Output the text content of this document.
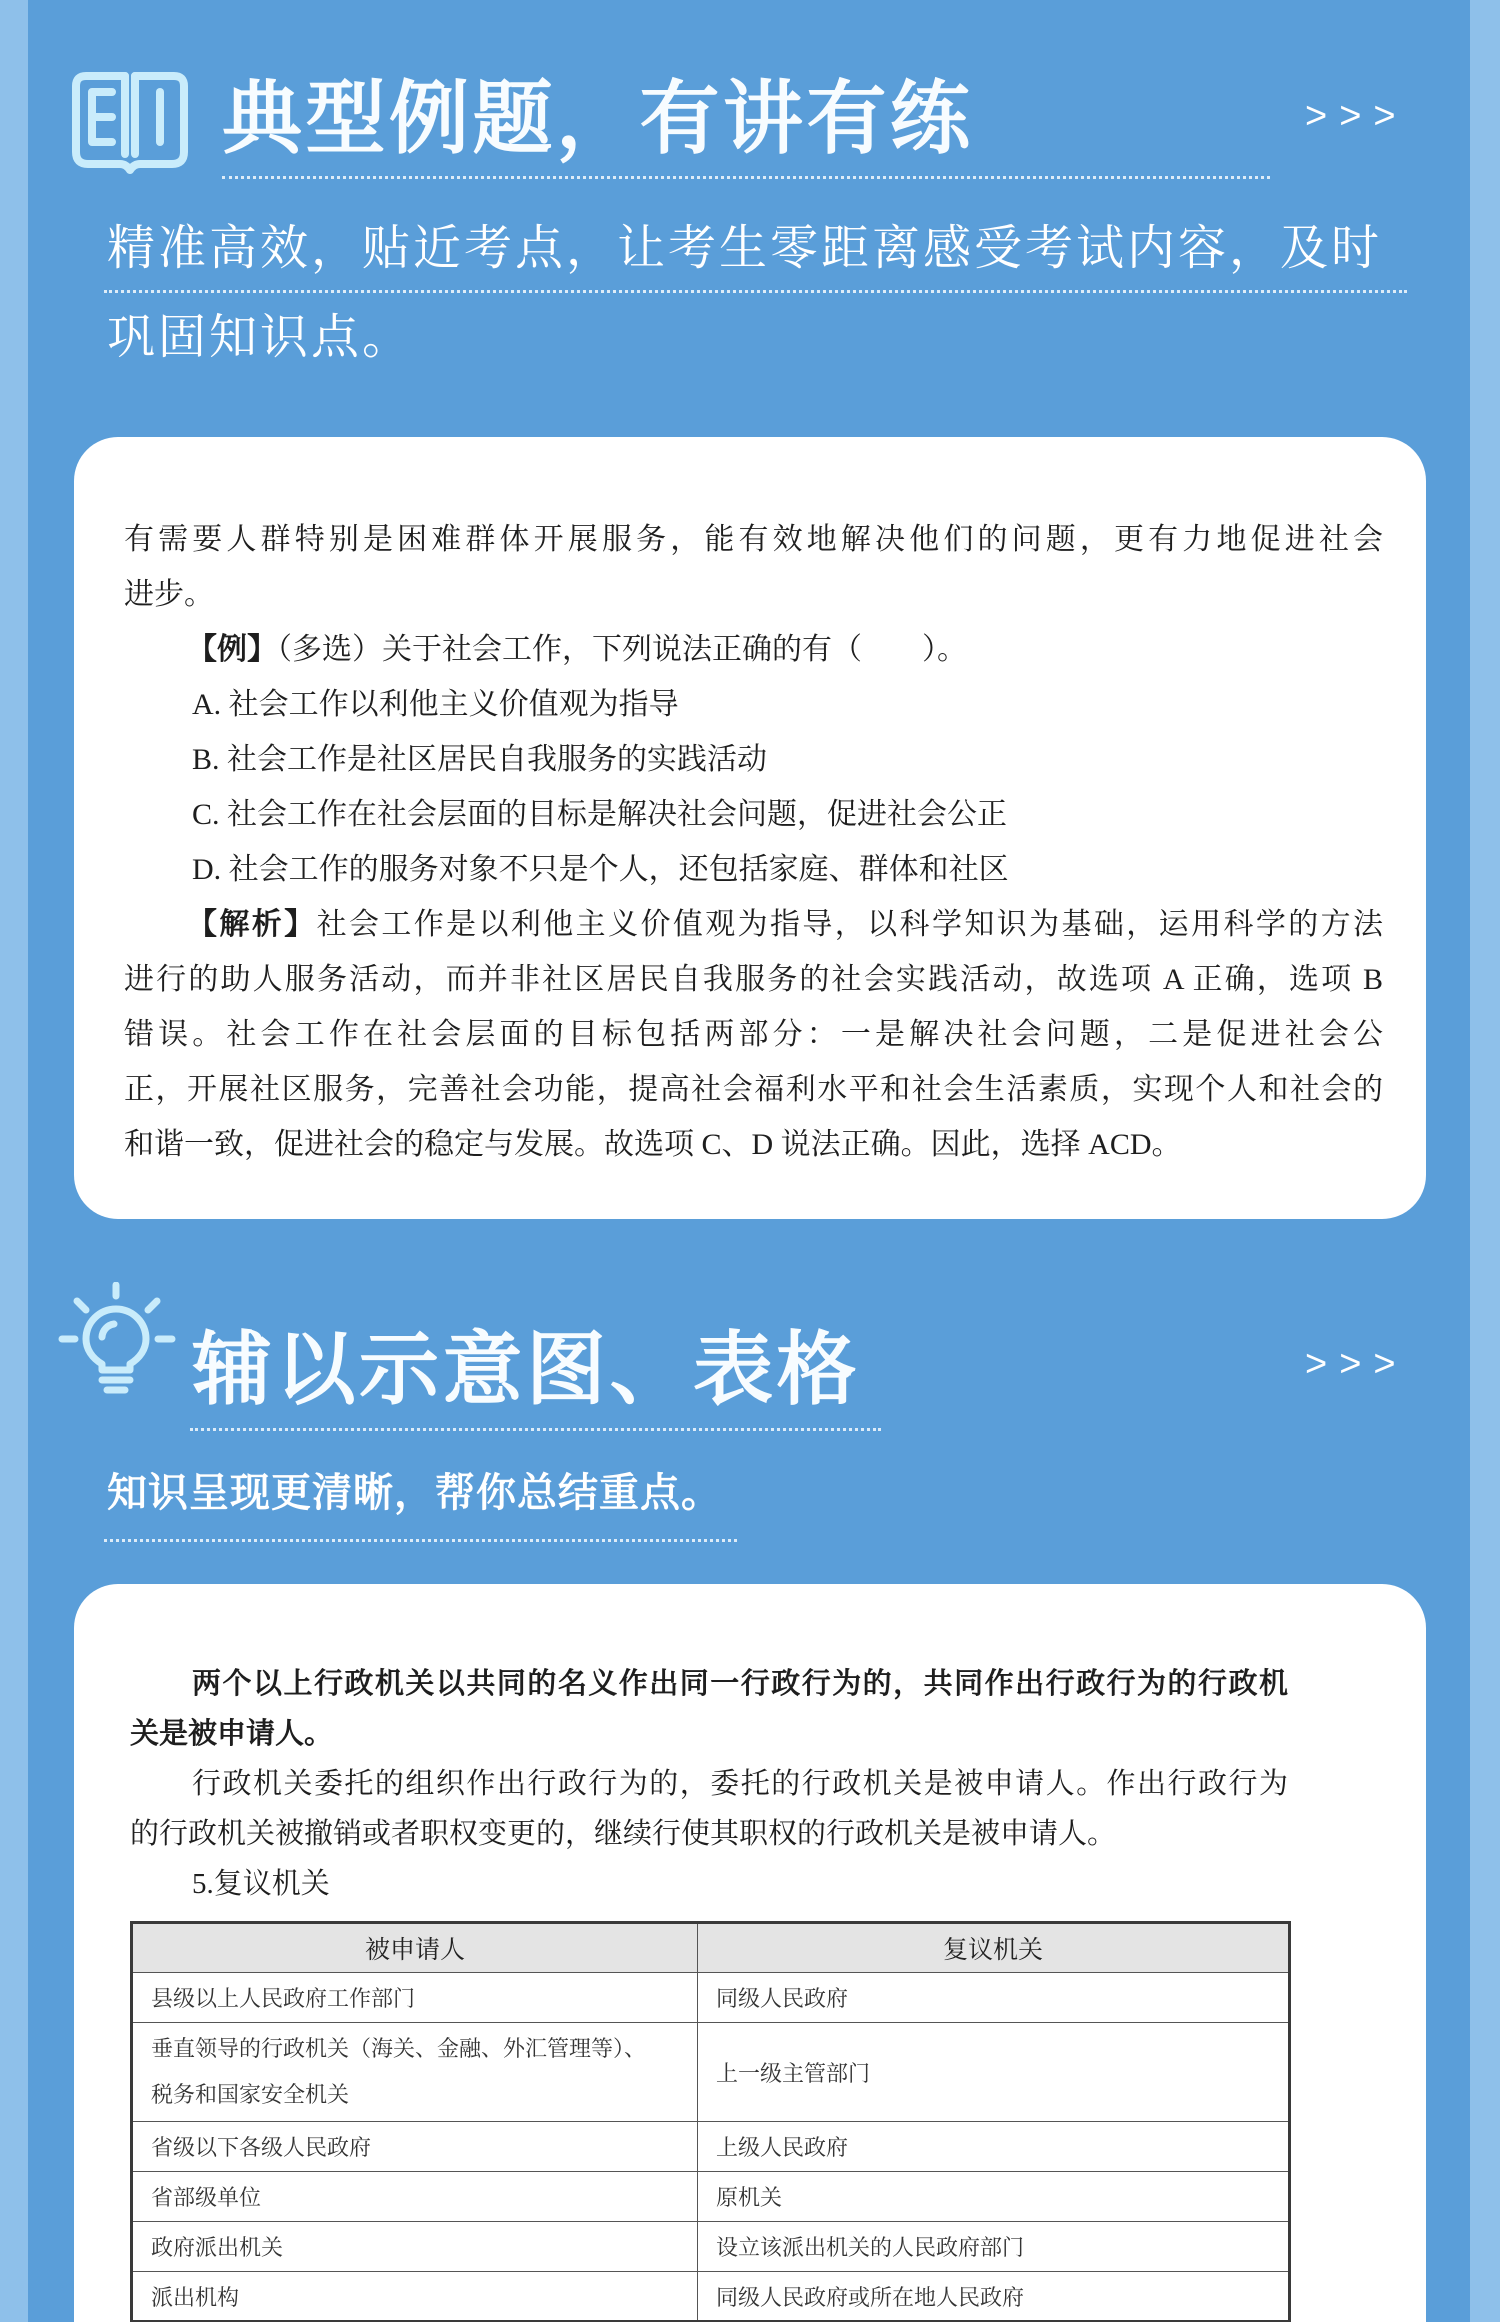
典型例题，有讲有练	>>>
精准高效，贴近考点，让考生零距离感受考试内容，及时
巩固知识点。
有需要人群特别是困难群体开展服务，能有效地解决他们的问题，更有力地促进社会
进步。
【例】（多选）关于社会工作，下列说法正确的有（　　）。
A. 社会工作以利他主义价值观为指导
B. 社会工作是社区居民自我服务的实践活动
C. 社会工作在社会层面的目标是解决社会问题，促进社会公正
D. 社会工作的服务对象不只是个人，还包括家庭、群体和社区
【解析】社会工作是以利他主义价值观为指导，以科学知识为基础，运用科学的方法
进行的助人服务活动，而并非社区居民自我服务的社会实践活动，故选项 A 正确，选项 B
错误。社会工作在社会层面的目标包括两部分：一是解决社会问题，二是促进社会公
正，开展社区服务，完善社会功能，提高社会福利水平和社会生活素质，实现个人和社会的
和谐一致，促进社会的稳定与发展。故选项 C、D 说法正确。因此，选择 ACD。
辅以示意图、表格	>>>
知识呈现更清晰，帮你总结重点。
两个以上行政机关以共同的名义作出同一行政行为的，共同作出行政行为的行政机
关是被申请人。
行政机关委托的组织作出行政行为的，委托的行政机关是被申请人。作出行政行为
的行政机关被撤销或者职权变更的，继续行使其职权的行政机关是被申请人。
5.复议机关
被申请人	复议机关
县级以上人民政府工作部门	同级人民政府

垂直领导的行政机关（海关、金融、外汇管理等）、
税务和国家安全机关	上一级主管部门
省级以下各级人民政府	上级人民政府
省部级单位	原机关
政府派出机关	设立该派出机关的人民政府部门
派出机构	同级人民政府或所在地人民政府
